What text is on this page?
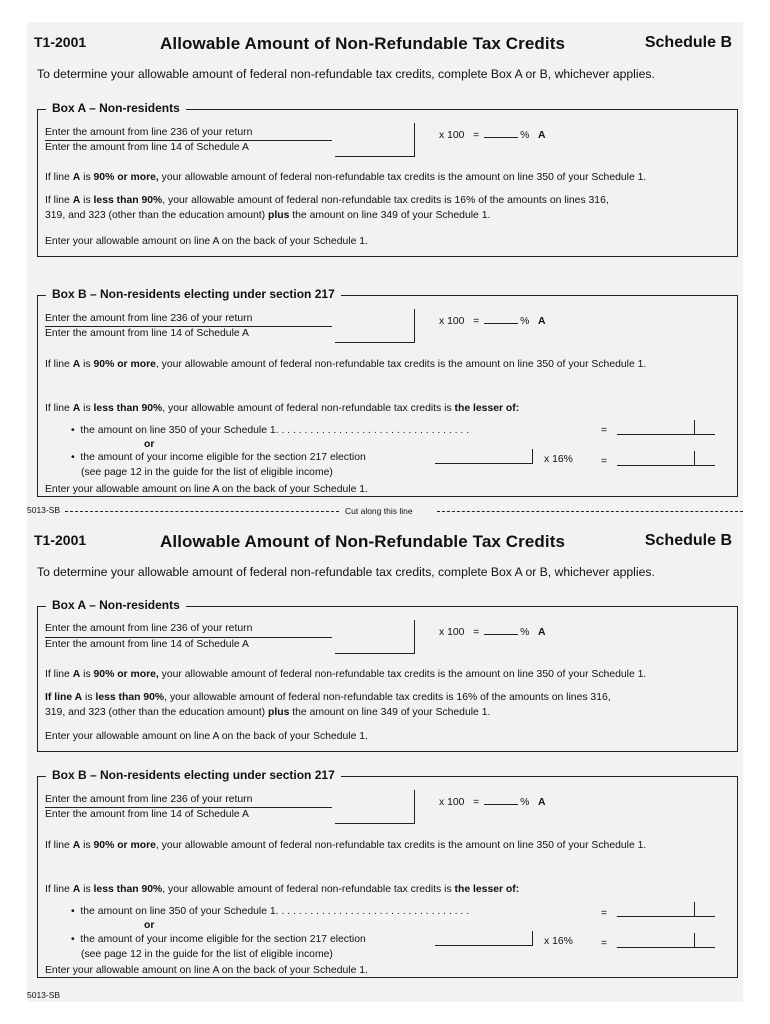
T1-2001	Allowable Amount of Non-Refundable Tax Credits	Schedule B
To determine your allowable amount of federal non-refundable tax credits, complete Box A or B, whichever applies.
Box A – Non-residents
Enter the amount from line 236 of your return
Enter the amount from line 14 of Schedule A
x 100 =	% A
If line A is 90% or more, your allowable amount of federal non-refundable tax credits is the amount on line 350 of your Schedule 1.
If line A is less than 90%, your allowable amount of federal non-refundable tax credits is 16% of the amounts on lines 316,
319, and 323 (other than the education amount) plus the amount on line 349 of your Schedule 1.
Enter your allowable amount on line A on the back of your Schedule 1.
Box B – Non-residents electing under section 217
Enter the amount from line 236 of your return
Enter the amount from line 14 of Schedule A
x 100 =	% A
If line A is 90% or more, your allowable amount of federal non-refundable tax credits is the amount on line 350 of your Schedule 1.
If line A is less than 90%, your allowable amount of federal non-refundable tax credits is the lesser of:
•  the amount on line 350 of your Schedule 1. . . . . . . . . . . . . . . . . . . . . . . . . . . . . . . . . .	=
or
•  the amount of your income eligible for the section 217 election
(see page 12 in the guide for the list of eligible income)
x 16%	=
Enter your allowable amount on line A on the back of your Schedule 1.
5013-SB	Cut along this line
T1-2001	Allowable Amount of Non-Refundable Tax Credits	Schedule B
To determine your allowable amount of federal non-refundable tax credits, complete Box A or B, whichever applies.
Box A – Non-residents
Enter the amount from line 236 of your return
Enter the amount from line 14 of Schedule A
x 100 =	% A
If line A is 90% or more, your allowable amount of federal non-refundable tax credits is the amount on line 350 of your Schedule 1.
If line A is less than 90%, your allowable amount of federal non-refundable tax credits is 16% of the amounts on lines 316,
319, and 323 (other than the education amount) plus the amount on line 349 of your Schedule 1.
Enter your allowable amount on line A on the back of your Schedule 1.
Box B – Non-residents electing under section 217
Enter the amount from line 236 of your return
Enter the amount from line 14 of Schedule A
x 100 =	% A
If line A is 90% or more, your allowable amount of federal non-refundable tax credits is the amount on line 350 of your Schedule 1.
If line A is less than 90%, your allowable amount of federal non-refundable tax credits is the lesser of:
•  the amount on line 350 of your Schedule 1. . . . . . . . . . . . . . . . . . . . . . . . . . . . . . . . . .	=
or
•  the amount of your income eligible for the section 217 election
(see page 12 in the guide for the list of eligible income)
x 16%	=
Enter your allowable amount on line A on the back of your Schedule 1.
5013-SB
